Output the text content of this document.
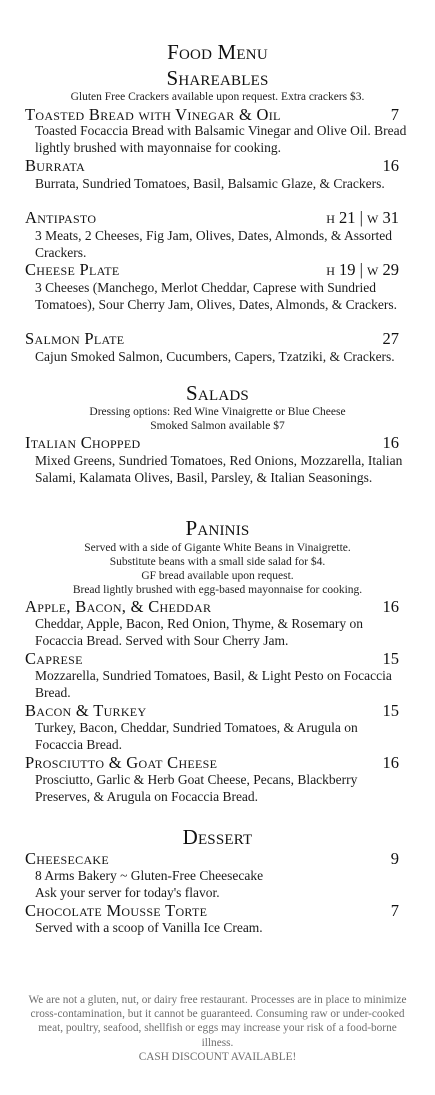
Food Menu
Shareables
Gluten Free Crackers available upon request. Extra crackers $3.
Toasted Bread with Vinegar & Oil	7
Toasted Focaccia Bread with Balsamic Vinegar and Olive Oil. Bread lightly brushed with mayonnaise for cooking.
Burrata	16
Burrata, Sundried Tomatoes, Basil, Balsamic Glaze, & Crackers.
Antipasto	h 21 | w 31
3 Meats, 2 Cheeses, Fig Jam, Olives, Dates, Almonds, & Assorted Crackers.
Cheese Plate	h 19 | w 29
3 Cheeses (Manchego, Merlot Cheddar, Caprese with Sundried Tomatoes), Sour Cherry Jam, Olives, Dates, Almonds, & Crackers.
Salmon Plate	27
Cajun Smoked Salmon, Cucumbers, Capers, Tzatziki, & Crackers.
Salads
Dressing options: Red Wine Vinaigrette or Blue Cheese
Smoked Salmon available $7
Italian Chopped	16
Mixed Greens, Sundried Tomatoes, Red Onions, Mozzarella, Italian Salami, Kalamata Olives, Basil, Parsley, & Italian Seasonings.
Paninis
Served with a side of Gigante White Beans in Vinaigrette.
Substitute beans with a small side salad for $4.
GF bread available upon request.
Bread lightly brushed with egg-based mayonnaise for cooking.
Apple, Bacon, & Cheddar	16
Cheddar, Apple, Bacon, Red Onion, Thyme, & Rosemary on Focaccia Bread. Served with Sour Cherry Jam.
Caprese	15
Mozzarella, Sundried Tomatoes, Basil, & Light Pesto on Focaccia Bread.
Bacon & Turkey	15
Turkey, Bacon, Cheddar, Sundried Tomatoes, & Arugula on Focaccia Bread.
Prosciutto & Goat Cheese	16
Prosciutto, Garlic & Herb Goat Cheese, Pecans, Blackberry Preserves, & Arugula on Focaccia Bread.
Dessert
Cheesecake	9
8 Arms Bakery ~ Gluten-Free Cheesecake
Ask your server for today's flavor.
Chocolate Mousse Torte	7
Served with a scoop of Vanilla Ice Cream.
We are not a gluten, nut, or dairy free restaurant. Processes are in place to minimize cross-contamination, but it cannot be guaranteed. Consuming raw or under-cooked meat, poultry, seafood, shellfish or eggs may increase your risk of a food-borne illness.
CASH DISCOUNT AVAILABLE!
